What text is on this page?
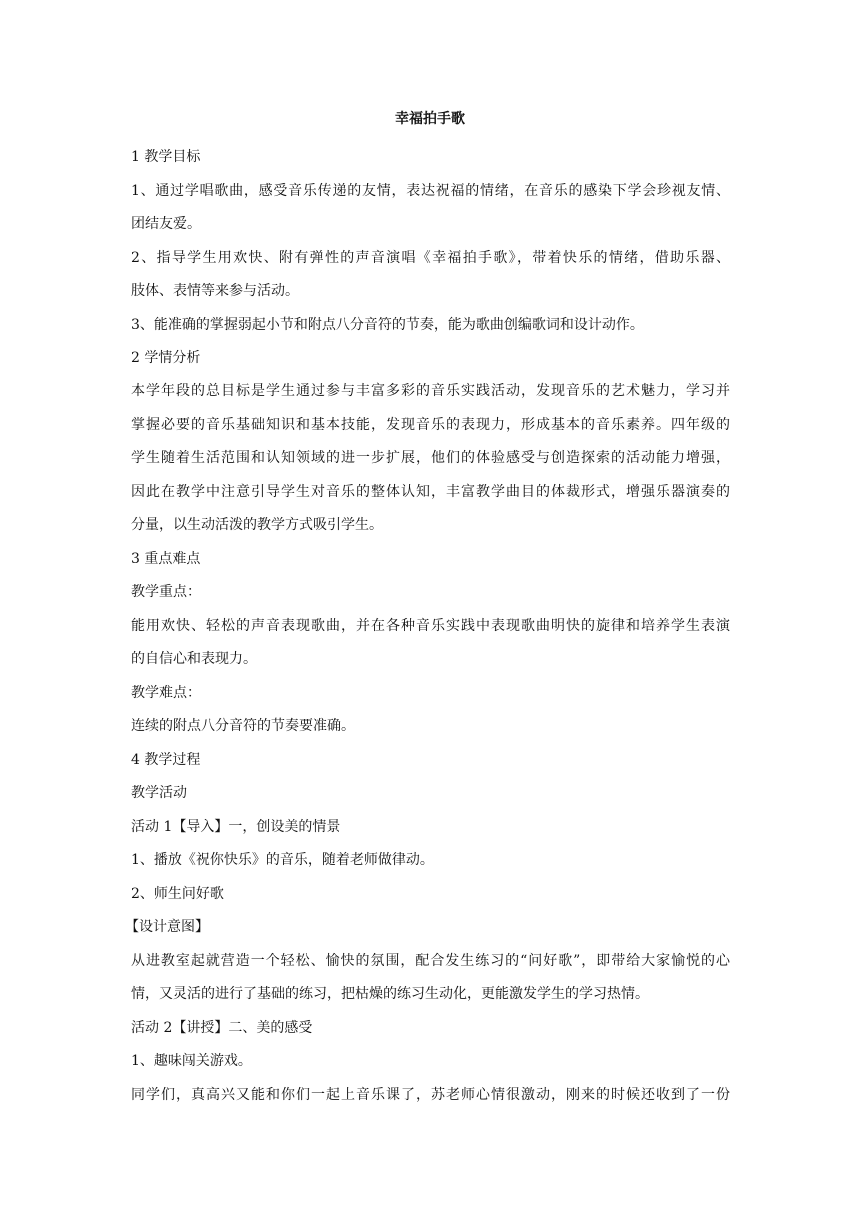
幸福拍手歌
1 教学目标
1、通过学唱歌曲，感受音乐传递的友情，表达祝福的情绪，在音乐的感染下学会珍视友情、
团结友爱。
2、指导学生用欢快、附有弹性的声音演唱《幸福拍手歌》，带着快乐的情绪，借助乐器、
肢体、表情等来参与活动。
3、能准确的掌握弱起小节和附点八分音符的节奏，能为歌曲创编歌词和设计动作。
2 学情分析
本学年段的总目标是学生通过参与丰富多彩的音乐实践活动，发现音乐的艺术魅力，学习并
掌握必要的音乐基础知识和基本技能，发现音乐的表现力，形成基本的音乐素养。四年级的
学生随着生活范围和认知领域的进一步扩展，他们的体验感受与创造探索的活动能力增强，
因此在教学中注意引导学生对音乐的整体认知，丰富教学曲目的体裁形式，增强乐器演奏的
分量，以生动活泼的教学方式吸引学生。
3 重点难点
教学重点：
能用欢快、轻松的声音表现歌曲，并在各种音乐实践中表现歌曲明快的旋律和培养学生表演
的自信心和表现力。
教学难点：
连续的附点八分音符的节奏要准确。
4 教学过程
教学活动
活动 1【导入】一，创设美的情景
1、播放《祝你快乐》的音乐，随着老师做律动。
2、师生问好歌
【设计意图】
从进教室起就营造一个轻松、愉快的氛围，配合发生练习的“问好歌”，即带给大家愉悦的心
情，又灵活的进行了基础的练习，把枯燥的练习生动化，更能激发学生的学习热情。
活动 2【讲授】二、美的感受
1、趣味闯关游戏。
同学们，真高兴又能和你们一起上音乐课了，苏老师心情很激动，刚来的时候还收到了一份
